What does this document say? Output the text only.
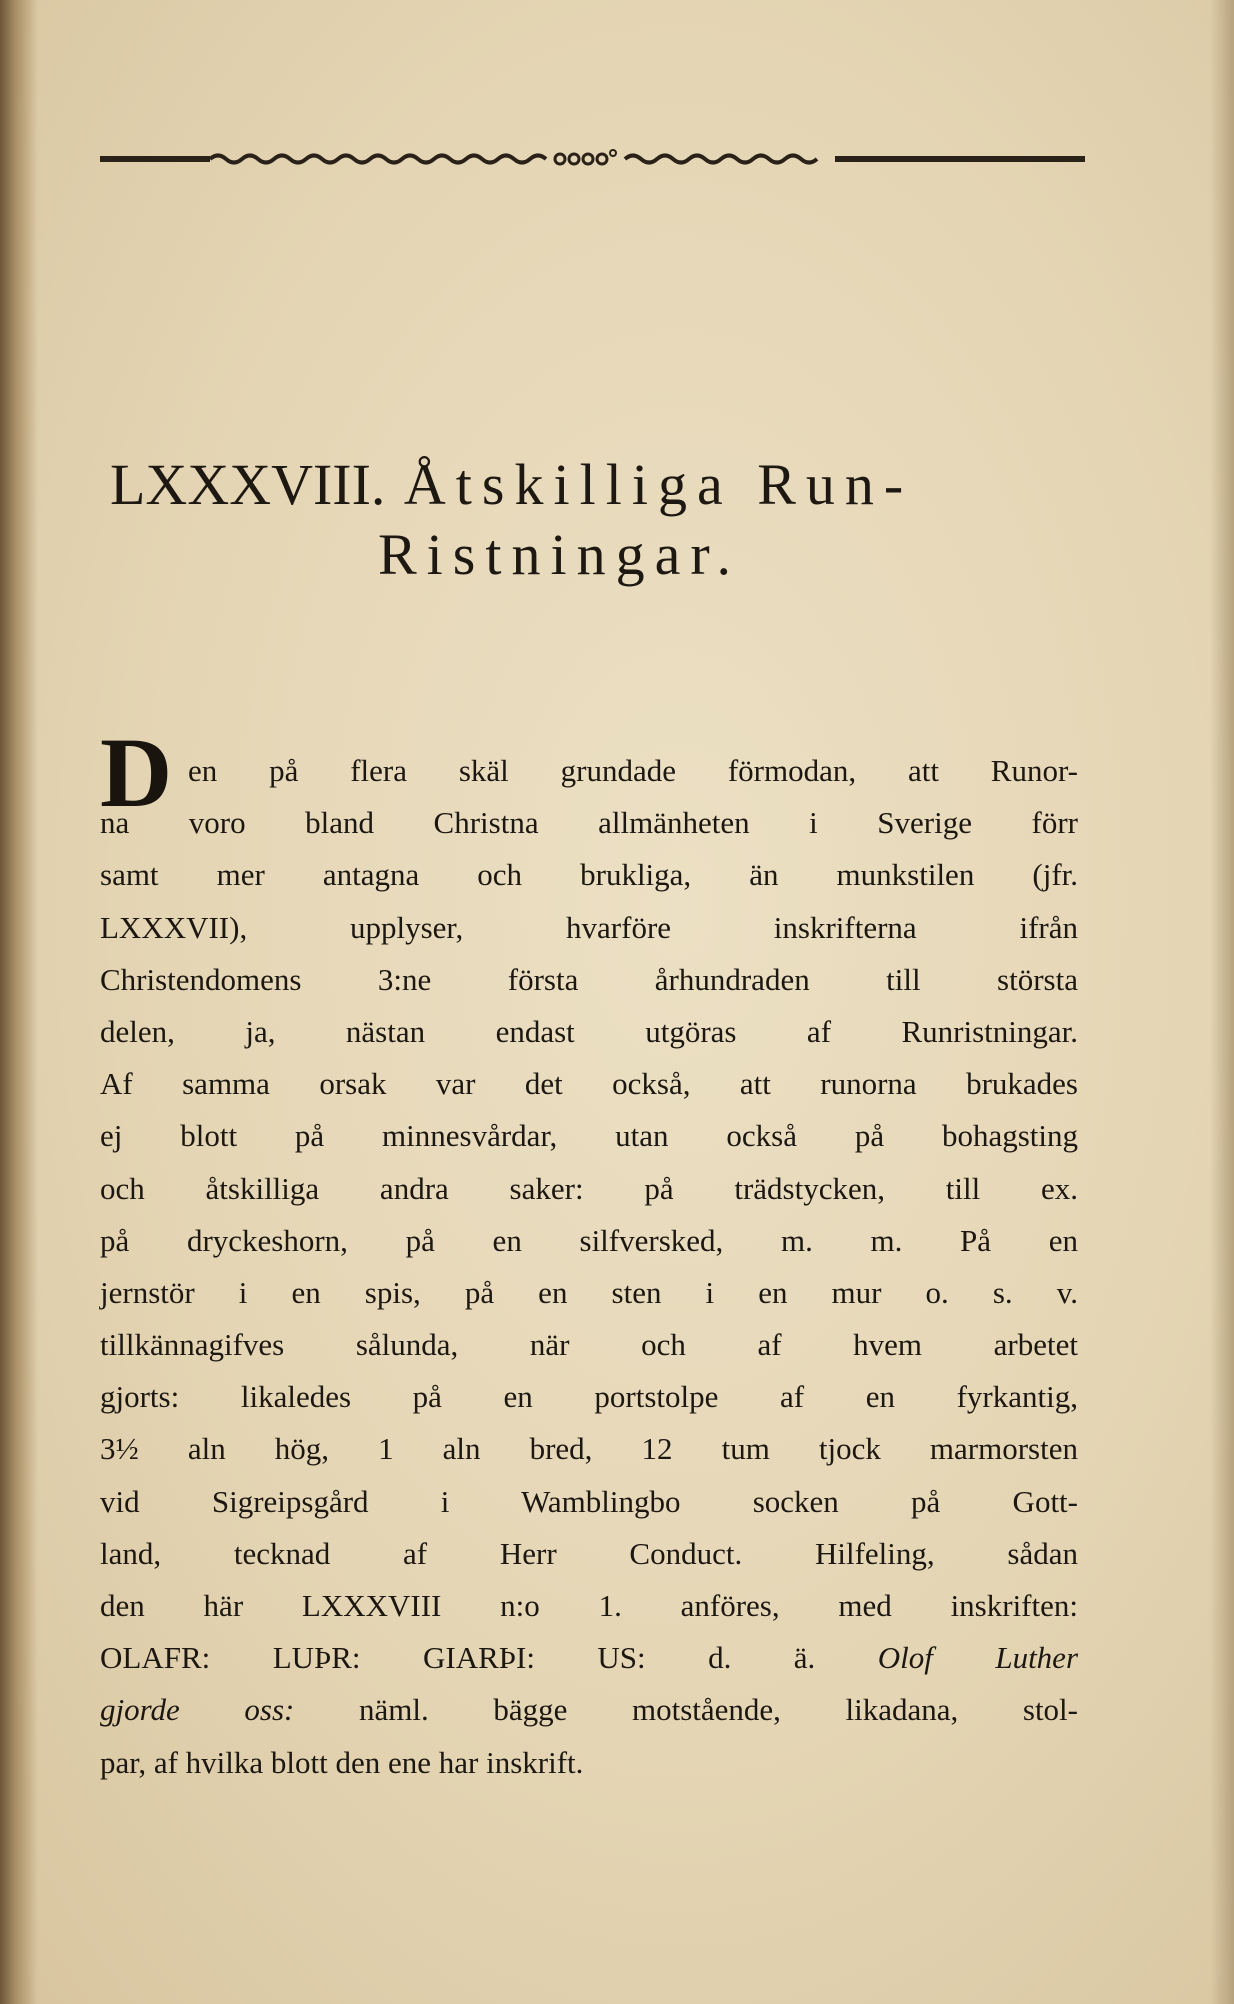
LXXXVIII. Åtskilliga Run-
Ristningar.
D en på flera skäl grundade förmodan, att Runor-
na voro bland Christna allmänheten i Sverige förr
samt mer antagna och brukliga, än munkstilen (jfr.
LXXXVII), upplyser, hvarföre inskrifterna ifrån
Christendomens 3:ne första århundraden till största
delen, ja, nästan endast utgöras af Runristningar.
Af samma orsak var det också, att runorna brukades
ej blott på minnesvårdar, utan också på bohagsting
och åtskilliga andra saker: på trädstycken, till ex.
på dryckeshorn, på en silfversked, m. m. På en
jernstör i en spis, på en sten i en mur o. s. v.
tillkännagifves sålunda, när och af hvem arbetet
gjorts: likaledes på en portstolpe af en fyrkantig,
3½ aln hög, 1 aln bred, 12 tum tjock marmorsten
vid Sigreipsgård i Wamblingbo socken på Gott-
land, tecknad af Herr Conduct. Hilfeling, sådan
den här LXXXVIII n:o 1. anföres, med inskriften:
OLAFR: LUÞR: GIARÞI: US: d. ä. Olof Luther
gjorde oss: näml. bägge motstående, likadana, stol-
par, af hvilka blott den ene har inskrift.
